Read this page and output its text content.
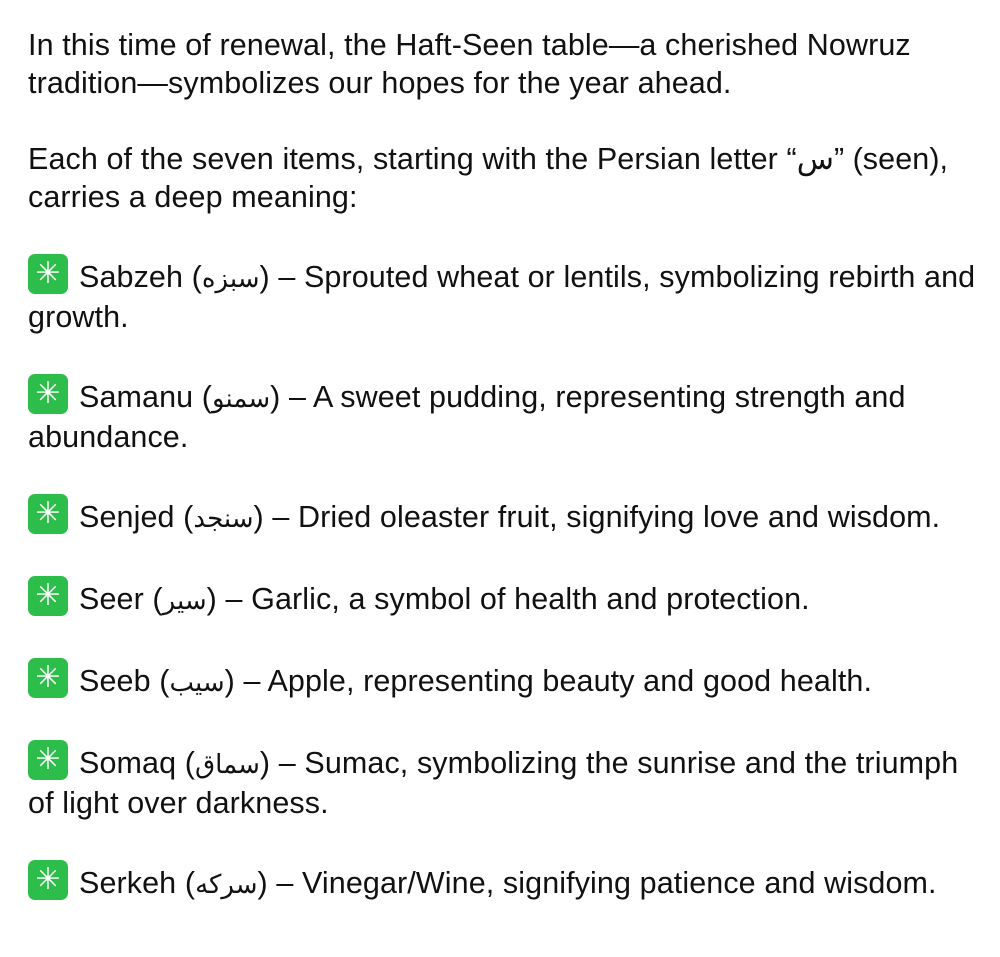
In this time of renewal, the Haft-Seen table—a cherished Nowruz tradition—symbolizes our hopes for the year ahead.

Each of the seven items, starting with the Persian letter “س” (seen), carries a deep meaning:

✳Sabzeh (سبزه) – Sprouted wheat or lentils, symbolizing rebirth and growth.

✳Samanu (سمنو) – A sweet pudding, representing strength and abundance.

✳Senjed (سنجد) – Dried oleaster fruit, signifying love and wisdom.

✳Seer (سیر) – Garlic, a symbol of health and protection.

✳Seeb (سیب) – Apple, representing beauty and good health.

✳Somaq (سماق) – Sumac, symbolizing the sunrise and the triumph of light over darkness.

✳Serkeh (سرکه) – Vinegar/Wine, signifying patience and wisdom.
